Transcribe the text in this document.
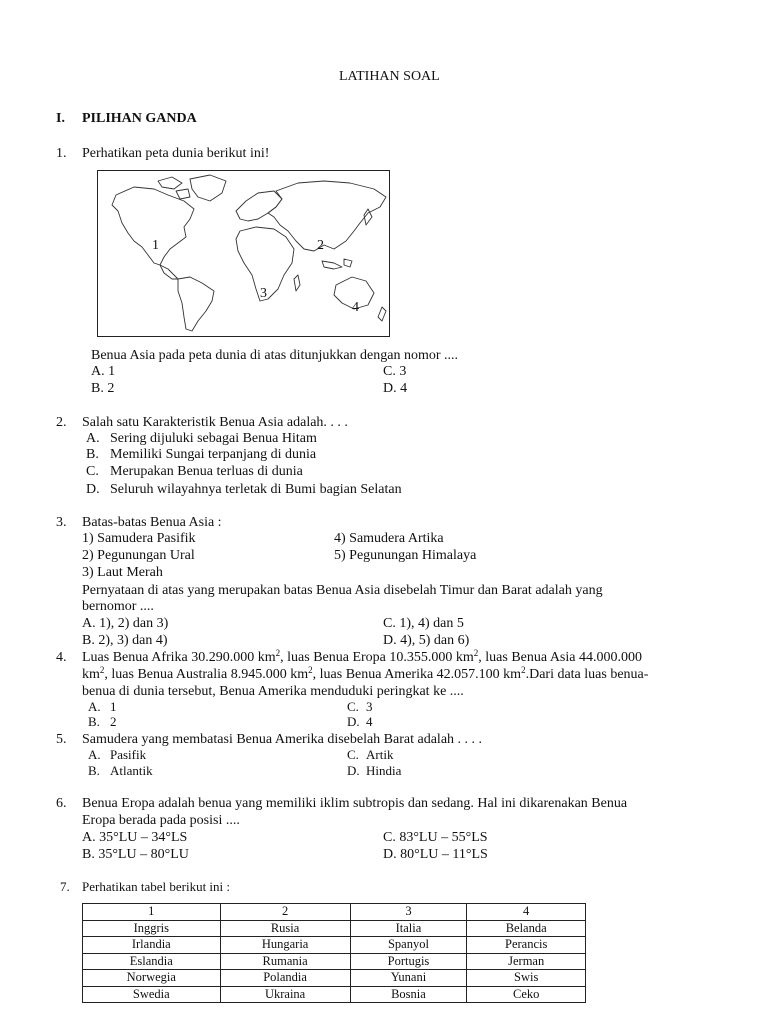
LATIHAN SOAL
I. PILIHAN GANDA
1. Perhatikan peta dunia berikut ini!
1	2
3
4
Benua Asia pada peta dunia di atas ditunjukkan dengan nomor ....
A. 1	C. 3
B. 2	D. 4
2. Salah satu Karakteristik Benua Asia adalah. . . .
A. Sering dijuluki sebagai Benua Hitam
B. Memiliki Sungai terpanjang di dunia
C. Merupakan Benua terluas di dunia
D. Seluruh wilayahnya terletak di Bumi bagian Selatan
3. Batas-batas Benua Asia :
1) Samudera Pasifik	4) Samudera Artika
2) Pegunungan Ural	5) Pegunungan Himalaya
3) Laut Merah
Pernyataan di atas yang merupakan batas Benua Asia disebelah Timur dan Barat adalah yang
bernomor ....
A. 1), 2) dan 3)	C. 1), 4) dan 5
B. 2), 3) dan 4)	D. 4), 5) dan 6)
4. Luas Benua Afrika 30.290.000 $km^2$, luas Benua Eropa 10.355.000 $km^2$, luas Benua Asia 44.000.000
$km^2$, luas Benua Australia 8.945.000 $km^2$, luas Benua Amerika 42.057.100 $km^2.Dari$ data luas benua-
benua di dunia tersebut, Benua Amerika menduduki peringkat ke ....
A. 1	C. 3
B. 2	D. 4
5. Samudera yang membatasi Benua Amerika disebelah Barat adalah . . . .
A. Pasifik	C. Artik
B. Atlantik	D. Hindia
6. Benua Eropa adalah benua yang memiliki iklim subtropis dan sedang. Hal ini dikarenakan Benua
Eropa berada pada posisi ....
A. 35°LU – 34°LS	C. 83°LU – 55°LS
B. 35°LU – 80°LU	D. 80°LU – 11°LS
7. Perhatikan tabel berikut ini :
1	2	3	4
Inggris	Rusia	Italia	Belanda
Irlandia	Hungaria	Spanyol	Perancis
Eslandia	Rumania	Portugis	Jerman
Norwegia	Polandia	Yunani	Swis
Swedia	Ukraina	Bosnia	Ceko
